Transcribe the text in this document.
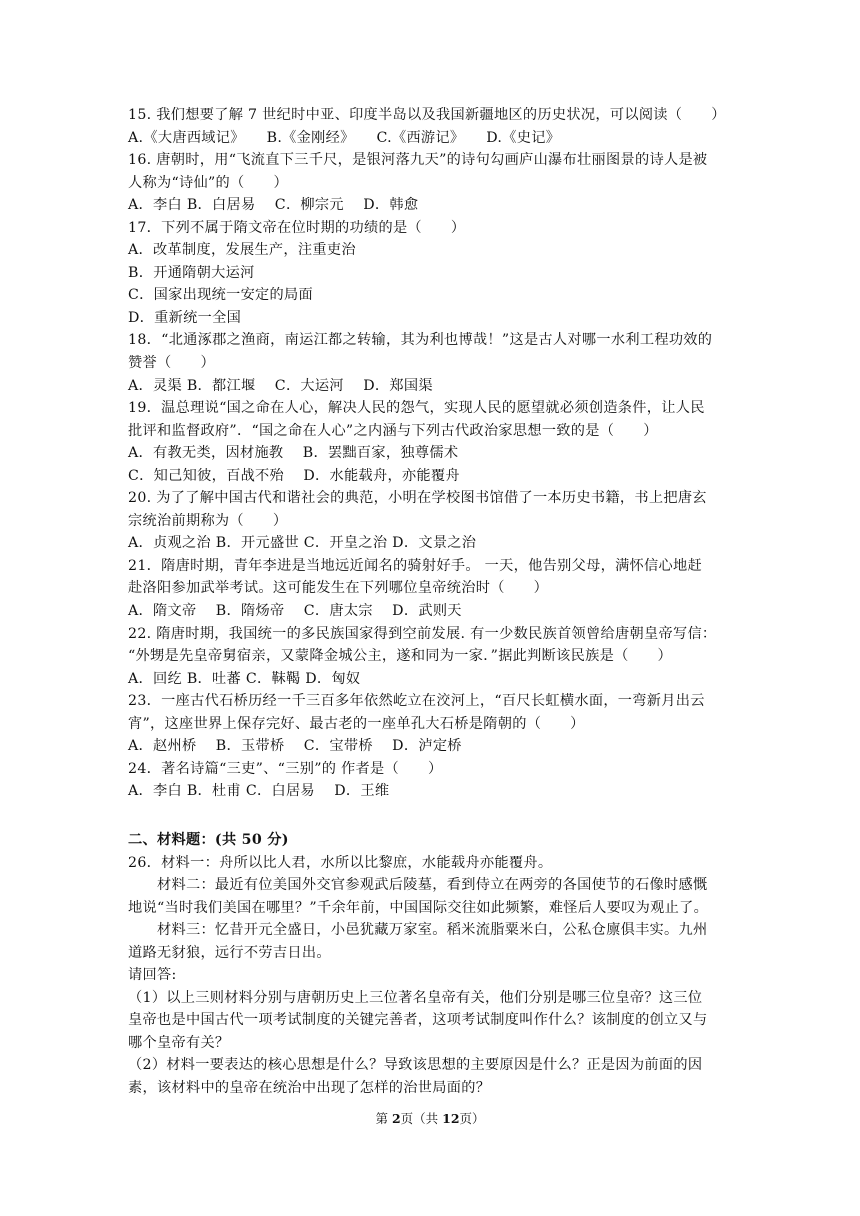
15. 我们想要了解 7 世纪时中亚、印度半岛以及我国新疆地区的历史状况，可以阅读（　　）
A.《大唐西域记》　　B.《金刚经》　　C.《西游记》　　D.《史记》
16. 唐朝时，用“飞流直下三千尺，是银河落九天”的诗句勾画庐山瀑布壮丽图景的诗人是被
人称为“诗仙”的（　　）
A．李白 B．白居易　 C．柳宗元　 D．韩愈
17．下列不属于隋文帝在位时期的功绩的是（　　）
A．改革制度，发展生产，注重吏治
B．开通隋朝大运河
C．国家出现统一安定的局面
D．重新统一全国
18．“北通涿郡之渔商，南运江都之转输，其为利也博哉！”这是古人对哪一水利工程功效的
赞誉（　　）
A．灵渠 B．都江堰　 C．大运河　 D．郑国渠
19．温总理说“国之命在人心，解决人民的怨气，实现人民的愿望就必须创造条件，让人民
批评和监督政府”．“国之命在人心”之内涵与下列古代政治家思想一致的是（　　）
A．有教无类，因材施教　 B．罢黜百家，独尊儒术
C．知己知彼，百战不殆　 D．水能载舟，亦能覆舟
20. 为了了解中国古代和谐社会的典范，小明在学校图书馆借了一本历史书籍，书上把唐玄
宗统治前期称为（　　）
A．贞观之治 B．开元盛世 C．开皇之治 D．文景之治
21．隋唐时期，青年李进是当地远近闻名的骑射好手。 一天，他告别父母，满怀信心地赶
赴洛阳参加武举考试。这可能发生在下列哪位皇帝统治时（　　）
A．隋文帝　 B．隋炀帝　 C．唐太宗　 D．武则天
22. 隋唐时期，我国统一的多民族国家得到空前发展. 有一少数民族首领曾给唐朝皇帝写信：
“外甥是先皇帝舅宿亲，又蒙降金城公主，遂和同为一家．”据此判断该民族是（　　）
A．回纥 B．吐蕃 C．靺鞨 D．匈奴
23．一座古代石桥历经一千三百多年依然屹立在洨河上，“百尺长虹横水面，一弯新月出云
宵”，这座世界上保存完好、最古老的一座单孔大石桥是隋朝的（　　）
A．赵州桥　 B．玉带桥　 C．宝带桥　 D．泸定桥
24．著名诗篇“三吏”、“三别”的 作者是（　　）
A．李白 B．杜甫 C．白居易　 D．王维
二、材料题：(共 50 分)
26．材料一：舟所以比人君，水所以比黎庶，水能载舟亦能覆舟。
　　材料二：最近有位美国外交官参观武后陵墓，看到侍立在两旁的各国使节的石像时感慨
地说“当时我们美国在哪里？”千余年前，中国国际交往如此频繁，难怪后人要叹为观止了。
　　材料三：忆昔开元全盛日，小邑犹藏万家室。稻米流脂粟米白，公私仓廪俱丰实。九州
道路无豺狼，远行不劳吉日出。
请回答:
（1）以上三则材料分别与唐朝历史上三位著名皇帝有关，他们分别是哪三位皇帝？这三位
皇帝也是中国古代一项考试制度的关键完善者，这项考试制度叫作什么？该制度的创立又与
哪个皇帝有关？
（2）材料一要表达的核心思想是什么？导致该思想的主要原因是什么？正是因为前面的因
素，该材料中的皇帝在统治中出现了怎样的治世局面的？
第 2页（共 12页）
